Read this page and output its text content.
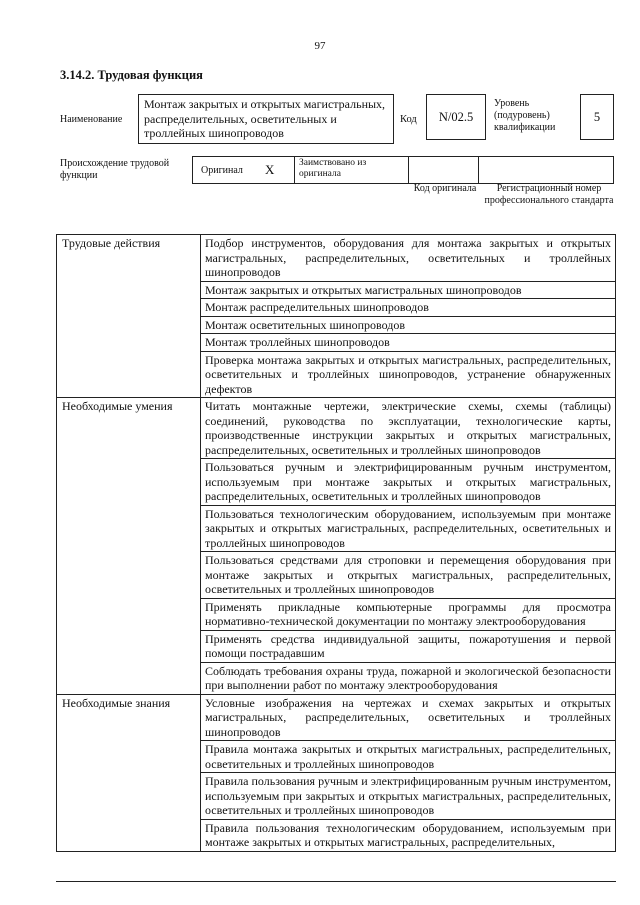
97
3.14.2. Трудовая функция
Наименование
Монтаж закрытых и открытых магистральных, распределительных, осветительных и троллейных шинопроводов
Код	N/02.5
Уровень (подуровень) квалификации
5
Происхождение трудовой функции	Оригинал X	Заимствовано из оригинала
Код оригинала	Регистрационный номер профессионального стандарта
Трудовые действия	Подбор инструментов, оборудования для монтажа закрытых и открытых магистральных, распределительных, осветительных и троллейных шинопроводов
	Монтаж закрытых и открытых магистральных шинопроводов
	Монтаж распределительных шинопроводов
	Монтаж осветительных шинопроводов
	Монтаж троллейных шинопроводов
	Проверка монтажа закрытых и открытых магистральных, распределительных, осветительных и троллейных шинопроводов, устранение обнаруженных дефектов
Необходимые умения	Читать монтажные чертежи, электрические схемы, схемы (таблицы) соединений, руководства по эксплуатации, технологические карты, производственные инструкции закрытых и открытых магистральных, распределительных, осветительных и троллейных шинопроводов
	Пользоваться ручным и электрифицированным ручным инструментом, используемым при монтаже закрытых и открытых магистральных, распределительных, осветительных и троллейных шинопроводов
	Пользоваться технологическим оборудованием, используемым при монтаже закрытых и открытых магистральных, распределительных, осветительных и троллейных шинопроводов
	Пользоваться средствами для строповки и перемещения оборудования при монтаже закрытых и открытых магистральных, распределительных, осветительных и троллейных шинопроводов
	Применять прикладные компьютерные программы для просмотра нормативно-технической документации по монтажу электрооборудования
	Применять средства индивидуальной защиты, пожаротушения и первой помощи пострадавшим
	Соблюдать требования охраны труда, пожарной и экологической безопасности при выполнении работ по монтажу электрооборудования
Необходимые знания	Условные изображения на чертежах и схемах закрытых и открытых магистральных, распределительных, осветительных и троллейных шинопроводов
	Правила монтажа закрытых и открытых магистральных, распределительных, осветительных и троллейных шинопроводов
	Правила пользования ручным и электрифицированным ручным инструментом, используемым при закрытых и открытых магистральных, распределительных, осветительных и троллейных шинопроводов
	Правила пользования технологическим оборудованием, используемым при монтаже закрытых и открытых магистральных, распределительных,
